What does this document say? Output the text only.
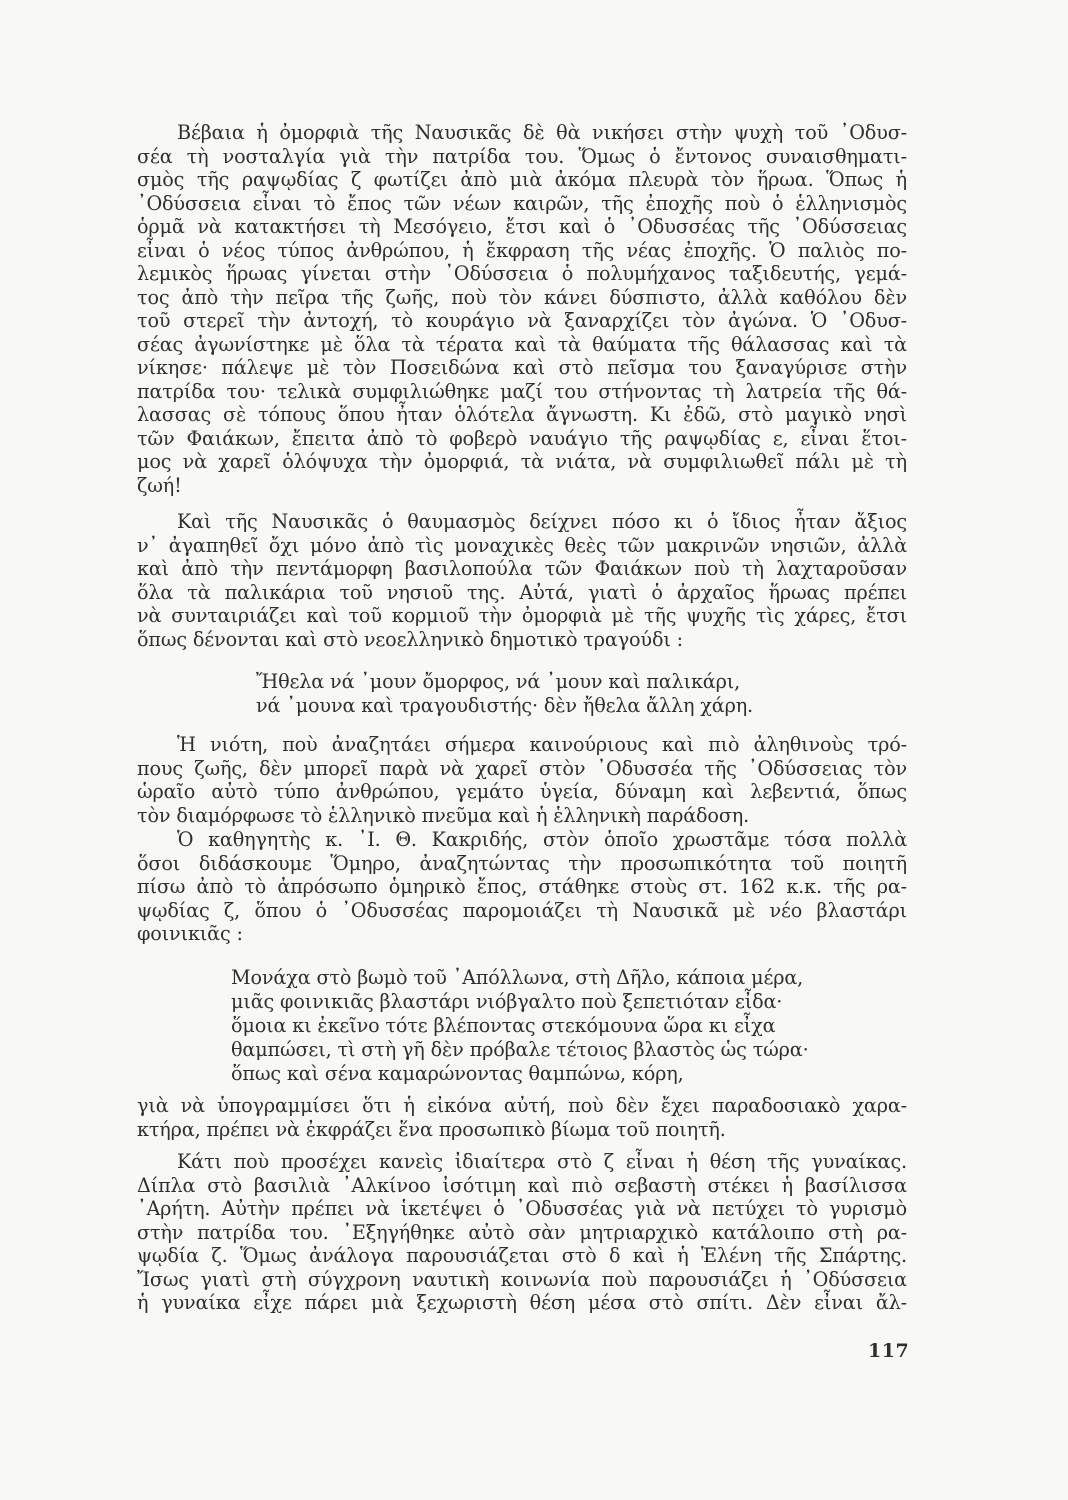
Βέβαια ἡ ὀμορφιὰ τῆς Ναυσικᾶς δὲ θὰ νικήσει στὴν ψυχὴ τοῦ ᾿Οδυσ-
σέα τὴ νοσταλγία γιὰ τὴν πατρίδα του. Ὅμως ὁ ἔντονος συναισθηματι-
σμὸς τῆς ραψῳδίας ζ φωτίζει ἀπὸ μιὰ ἀκόμα πλευρὰ τὸν ἥρωα. Ὅπως ἡ
᾿Οδύσσεια εἶναι τὸ ἔπος τῶν νέων καιρῶν, τῆς ἐποχῆς ποὺ ὁ ἑλληνισμὸς
ὁρμᾶ νὰ κατακτήσει τὴ Μεσόγειο, ἔτσι καὶ ὁ ᾿Οδυσσέας τῆς ᾿Οδύσσειας
εἶναι ὁ νέος τύπος ἀνθρώπου, ἡ ἔκφραση τῆς νέας ἐποχῆς. Ὁ παλιὸς πο-
λεμικὸς ἥρωας γίνεται στὴν ᾿Οδύσσεια ὁ πολυμήχανος ταξιδευτής, γεμά-
τος ἀπὸ τὴν πεῖρα τῆς ζωῆς, ποὺ τὸν κάνει δύσπιστο, ἀλλὰ καθόλου δὲν
τοῦ στερεῖ τὴν ἀντοχή, τὸ κουράγιο νὰ ξαναρχίζει τὸν ἀγώνα. Ὁ ᾿Οδυσ-
σέας ἀγωνίστηκε μὲ ὅλα τὰ τέρατα καὶ τὰ θαύματα τῆς θάλασσας καὶ τὰ
νίκησε· πάλεψε μὲ τὸν Ποσειδώνα καὶ στὸ πεῖσμα του ξαναγύρισε στὴν
πατρίδα του· τελικὰ συμφιλιώθηκε μαζί του στήνοντας τὴ λατρεία τῆς θά-
λασσας σὲ τόπους ὅπου ἦταν ὁλότελα ἄγνωστη. Κι ἐδῶ, στὸ μαγικὸ νησὶ
τῶν Φαιάκων, ἔπειτα ἀπὸ τὸ φοβερὸ ναυάγιο τῆς ραψῳδίας ε, εἶναι ἕτοι-
μος νὰ χαρεῖ ὁλόψυχα τὴν ὀμορφιά, τὰ νιάτα, νὰ συμφιλιωθεῖ πάλι μὲ τὴ
ζωή!
Καὶ τῆς Ναυσικᾶς ὁ θαυμασμὸς δείχνει πόσο κι ὁ ἴδιος ἦταν ἄξιος
ν᾿ ἀγαπηθεῖ ὄχι μόνο ἀπὸ τὶς μοναχικὲς θεὲς τῶν μακρινῶν νησιῶν, ἀλλὰ
καὶ ἀπὸ τὴν πεντάμορφη βασιλοπούλα τῶν Φαιάκων ποὺ τὴ λαχταροῦσαν
ὅλα τὰ παλικάρια τοῦ νησιοῦ της. Αὐτά, γιατὶ ὁ ἀρχαῖος ἥρωας πρέπει
νὰ συνταιριάζει καὶ τοῦ κορμιοῦ τὴν ὀμορφιὰ μὲ τῆς ψυχῆς τὶς χάρες, ἔτσι
ὅπως δένονται καὶ στὸ νεοελληνικὸ δημοτικὸ τραγούδι :
Ἤθελα νά ᾿μουν ὄμορφος, νά ᾿μουν καὶ παλικάρι,
νά ᾿μουνα καὶ τραγουδιστής· δὲν ἤθελα ἄλλη χάρη.
Ἡ νιότη, ποὺ ἀναζητάει σήμερα καινούριους καὶ πιὸ ἀληθινοὺς τρό-
πους ζωῆς, δὲν μπορεῖ παρὰ νὰ χαρεῖ στὸν ᾿Οδυσσέα τῆς ᾿Οδύσσειας τὸν
ὡραῖο αὐτὸ τύπο ἀνθρώπου, γεμάτο ὑγεία, δύναμη καὶ λεβεντιά, ὅπως
τὸν διαμόρφωσε τὸ ἑλληνικὸ πνεῦμα καὶ ἡ ἑλληνικὴ παράδοση.
Ὁ καθηγητὴς κ. ᾿Ι. Θ. Κακριδής, στὸν ὁποῖο χρωστᾶμε τόσα πολλὰ
ὅσοι διδάσκουμε Ὅμηρο, ἀναζητώντας τὴν προσωπικότητα τοῦ ποιητῆ
πίσω ἀπὸ τὸ ἀπρόσωπο ὁμηρικὸ ἔπος, στάθηκε στοὺς στ. 162 κ.κ. τῆς ρα-
ψῳδίας ζ, ὅπου ὁ ᾿Οδυσσέας παρομοιάζει τὴ Ναυσικᾶ μὲ νέο βλαστάρι
φοινικιᾶς :
Μονάχα στὸ βωμὸ τοῦ ᾿Απόλλωνα, στὴ Δῆλο, κάποια μέρα,
μιᾶς φοινικιᾶς βλαστάρι νιόβγαλτο ποὺ ξεπετιόταν εἶδα·
ὅμοια κι ἐκεῖνο τότε βλέποντας στεκόμουνα ὥρα κι εἶχα
θαμπώσει, τὶ στὴ γῆ δὲν πρόβαλε τέτοιος βλαστὸς ὡς τώρα·
ὅπως καὶ σένα καμαρώνοντας θαμπώνω, κόρη,
γιὰ νὰ ὑπογραμμίσει ὅτι ἡ εἰκόνα αὐτή, ποὺ δὲν ἔχει παραδοσιακὸ χαρα-
κτήρα, πρέπει νὰ ἐκφράζει ἕνα προσωπικὸ βίωμα τοῦ ποιητῆ.
Κάτι ποὺ προσέχει κανεὶς ἰδιαίτερα στὸ ζ εἶναι ἡ θέση τῆς γυναίκας.
Δίπλα στὸ βασιλιὰ ᾿Αλκίνοο ἰσότιμη καὶ πιὸ σεβαστὴ στέκει ἡ βασίλισσα
᾿Αρήτη. Αὐτὴν πρέπει νὰ ἱκετέψει ὁ ᾿Οδυσσέας γιὰ νὰ πετύχει τὸ γυρισμὸ
στὴν πατρίδα του. ᾿Εξηγήθηκε αὐτὸ σὰν μητριαρχικὸ κατάλοιπο στὴ ρα-
ψῳδία ζ. Ὅμως ἀνάλογα παρουσιάζεται στὸ δ καὶ ἡ Ἑλένη τῆς Σπάρτης.
Ἴσως γιατὶ στὴ σύγχρονη ναυτικὴ κοινωνία ποὺ παρουσιάζει ἡ ᾿Οδύσσεια
ἡ γυναίκα εἶχε πάρει μιὰ ξεχωριστὴ θέση μέσα στὸ σπίτι. Δὲν εἶναι ἄλ-
117
